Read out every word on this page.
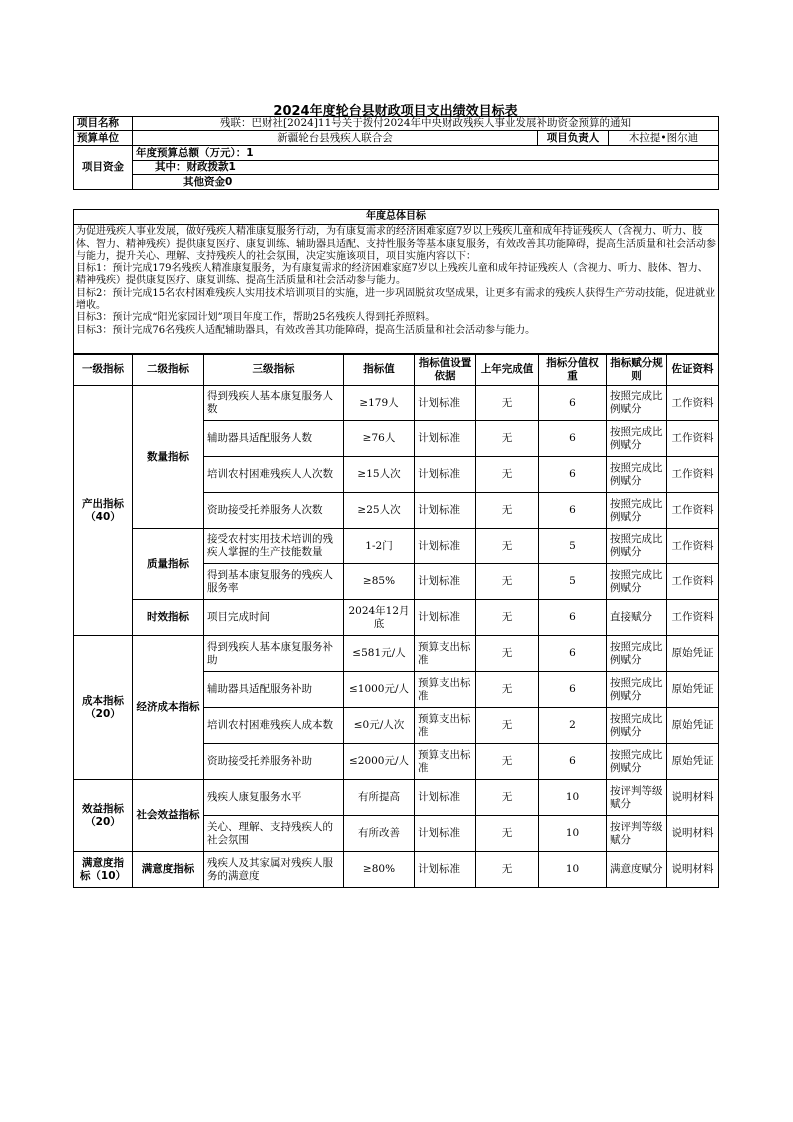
2024年度轮台县财政项目支出绩效目标表
项目名称	残联：巴财社[2024]11号关于拨付2024年中央财政残疾人事业发展补助资金预算的通知		
预算单位	新疆轮台县残疾人联合会	项目负责人	木拉提•图尔迪
项目资金	年度预算总额（万元）：1		
	其中：财政拨款1		
	其他资金0		
年度总体目标

为促进残疾人事业发展，做好残疾人精准康复服务行动，为有康复需求的经济困难家庭7岁以上残疾儿童和成年持证残疾人（含视力、听力、肢体、智力、精神残疾）提供康复医疗、康复训练、辅助器具适配、支持性服务等基本康复服务，有效改善其功能障碍，提高生活质量和社会活动参与能力，提升关心、理解、支持残疾人的社会氛围，决定实施该项目，项目实施内容以下：

目标1：预计完成179名残疾人精准康复服务，为有康复需求的经济困难家庭7岁以上残疾儿童和成年持证残疾人（含视力、听力、肢体、智力、精神残疾）提供康复医疗、康复训练、提高生活质量和社会活动参与能力。

目标2：预计完成15名农村困难残疾人实用技术培训项目的实施，进一步巩固脱贫攻坚成果，让更多有需求的残疾人获得生产劳动技能，促进就业增收。

目标3：预计完成“阳光家园计划”项目年度工作，帮助25名残疾人得到托养照料。

目标3：预计完成76名残疾人适配辅助器具，有效改善其功能障碍，提高生活质量和社会活动参与能力。

一级指标	二级指标	三级指标	指标值	指标值设置依据	上年完成值	指标分值权重	指标赋分规则	佐证资料
产出指标（40）	数量指标	得到残疾人基本康复服务人数	≥179人	计划标准	无	6	按照完成比例赋分	工作资料
		辅助器具适配服务人数	≥76人	计划标准	无	6	按照完成比例赋分	工作资料
		培训农村困难残疾人人次数	≥15人次	计划标准	无	6	按照完成比例赋分	工作资料
		资助接受托养服务人次数	≥25人次	计划标准	无	6	按照完成比例赋分	工作资料
	质量指标	接受农村实用技术培训的残疾人掌握的生产技能数量	1-2门	计划标准	无	5	按照完成比例赋分	工作资料
		得到基本康复服务的残疾人服务率	≥85%	计划标准	无	5	按照完成比例赋分	工作资料
	时效指标	项目完成时间	2024年12月底	计划标准	无	6	直接赋分	工作资料
成本指标（20）	经济成本指标	得到残疾人基本康复服务补助	≤581元/人	预算支出标准	无	6	按照完成比例赋分	原始凭证
		辅助器具适配服务补助	≤1000元/人	预算支出标准	无	6	按照完成比例赋分	原始凭证
		培训农村困难残疾人成本数	≤0元/人次	预算支出标准	无	2	按照完成比例赋分	原始凭证
		资助接受托养服务补助	≤2000元/人	预算支出标准	无	6	按照完成比例赋分	原始凭证
效益指标（20）	社会效益指标	残疾人康复服务水平	有所提高	计划标准	无	10	按评判等级赋分	说明材料
		关心、理解、支持残疾人的社会氛围	有所改善	计划标准	无	10	按评判等级赋分	说明材料
满意度指标（10）	满意度指标	残疾人及其家属对残疾人服务的满意度	≥80%	计划标准	无	10	满意度赋分	说明材料
